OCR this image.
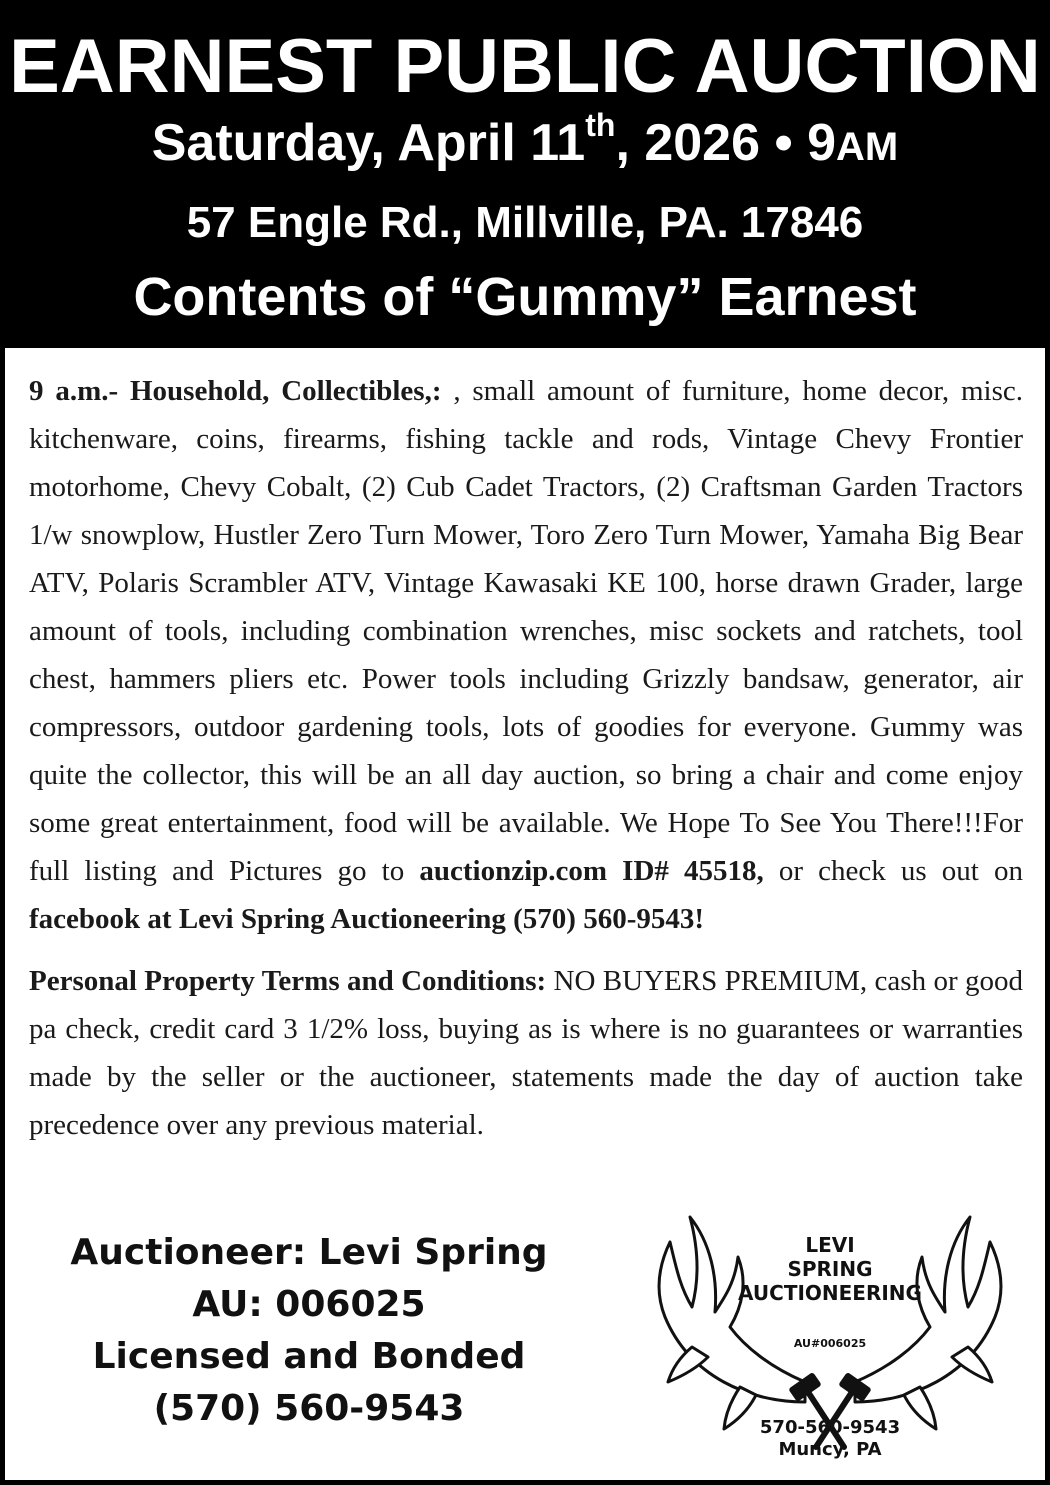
EARNEST PUBLIC AUCTION
Saturday, April 11th, 2026 • 9AM
57 Engle Rd., Millville, PA. 17846
Contents of “Gummy” Earnest

9 a.m.- Household, Collectibles,: , small amount of furniture, home decor, misc. kitchenware, coins, firearms, fishing tackle and rods, Vintage Chevy Frontier motorhome, Chevy Cobalt, (2) Cub Cadet Tractors, (2) Craftsman Garden Tractors 1/w snowplow, Hustler Zero Turn Mower, Toro Zero Turn Mower, Yamaha Big Bear ATV, Polaris Scrambler ATV, Vintage Kawasaki KE 100, horse drawn Grader, large amount of tools, including combination wrenches, misc sockets and ratchets, tool chest, hammers pliers etc. Power tools including Grizzly bandsaw, generator, air compressors, outdoor gardening tools, lots of goodies for everyone. Gummy was quite the collector, this will be an all day auction, so bring a chair and come enjoy some great entertainment, food will be available. We Hope To See You There!!!For full listing and Pictures go to auctionzip.com ID# 45518, or check us out on facebook at Levi Spring Auctioneering (570) 560-9543!

Personal Property Terms and Conditions: NO BUYERS PREMIUM, cash or good pa check, credit card 3 1/2% loss, buying as is where is no guarantees or warranties made by the seller or the auctioneer, statements made the day of auction take precedence over any previous material.

Auctioneer: Levi Spring
AU: 006025
Licensed and Bonded
(570) 560-9543
AU#006025
LEVI
SPRING
AUCTIONEERING
570-560-9543
Muncy, PA
